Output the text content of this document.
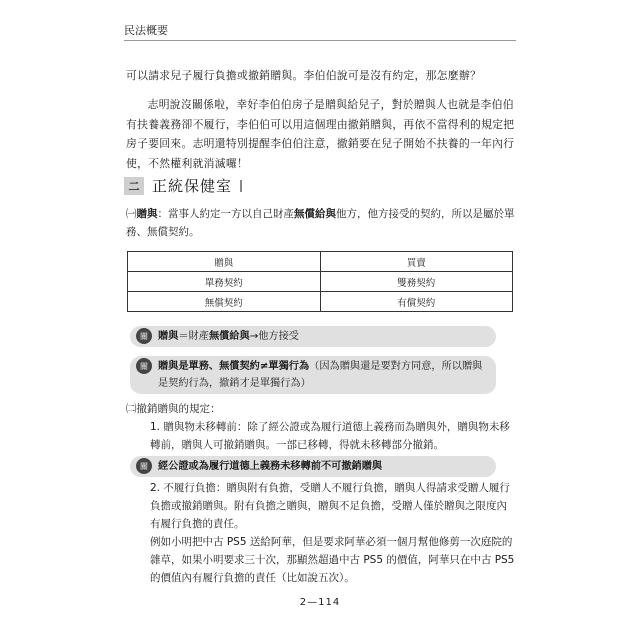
民法概要
可以請求兒子履行負擔或撤銷贈與。李伯伯說可是沒有約定，那怎麼辦？
志明說沒關係啦，幸好李伯伯房子是贈與給兒子，對於贈與人也就是李伯伯有扶養義務卻不履行，李伯伯可以用這個理由撤銷贈與，再依不當得利的規定把房子要回來。志明還特別提醒李伯伯注意，撤銷要在兒子開始不扶養的一年內行使，不然權利就消滅囉！
二 正統保健室
㈠贈與：當事人約定一方以自己財產無償給與他方，他方接受的契約，所以是屬於單務、無償契約。
贈與	買賣
單務契約	雙務契約
無償契約	有償契約
關 贈與＝財產無償給與→他方接受
關 贈與是單務、無償契約≠單獨行為（因為贈與還是要對方同意，所以贈與是契約行為，撤銷才是單獨行為）
㈡撤銷贈與的規定：
1. 贈與物未移轉前：除了經公證或為履行道德上義務而為贈與外，贈與物未移轉前，贈與人可撤銷贈與。一部已移轉，得就未移轉部分撤銷。
關 經公證或為履行道德上義務未移轉前不可撤銷贈與
2. 不履行負擔：贈與附有負擔，受贈人不履行負擔，贈與人得請求受贈人履行負擔或撤銷贈與。附有負擔之贈與，贈與不足負擔，受贈人僅於贈與之限度內有履行負擔的責任。
例如小明把中古 PS5 送給阿華，但是要求阿華必須一個月幫他修剪一次庭院的雜草，如果小明要求三十次，那顯然超過中古 PS5 的價值，阿華只在中古 PS5 的價值內有履行負擔的責任（比如說五次）。
2—114
